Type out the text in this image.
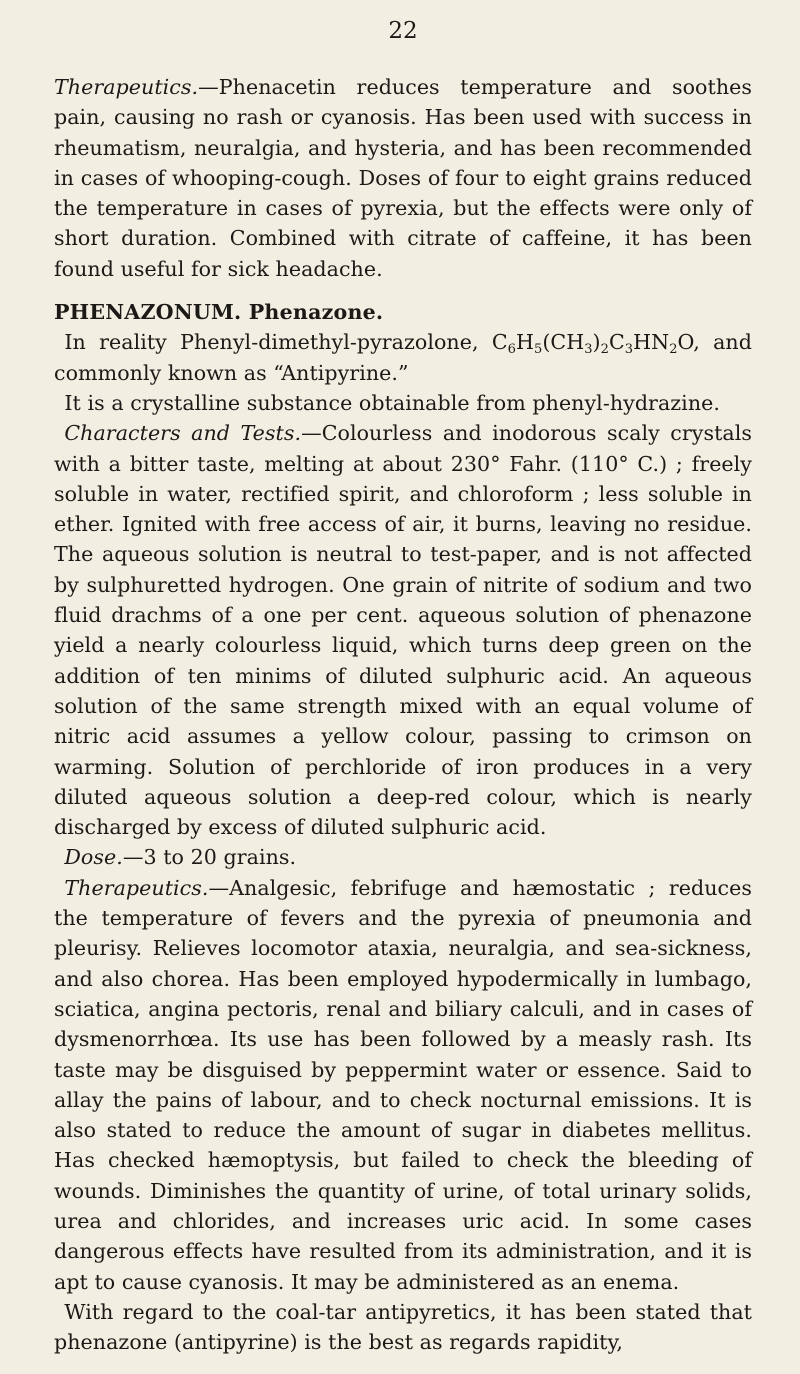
22

Therapeutics.—Phenacetin reduces temperature and soothes pain, causing no rash or cyanosis. Has been used with success in rheumatism, neuralgia, and hysteria, and has been recommended in cases of whooping-cough. Doses of four to eight grains reduced the temperature in cases of pyrexia, but the effects were only of short duration. Combined with citrate of caffeine, it has been found useful for sick headache.

PHENAZONUM. Phenazone.

 In reality Phenyl-dimethyl-pyrazolone, $C_6H_5(CH_3)_2C_3HN_2O$, and commonly known as “Antipyrine.”

 It is a crystalline substance obtainable from phenyl-hydrazine.

 Characters and Tests.—Colourless and inodorous scaly crystals with a bitter taste, melting at about 230° Fahr. (110° C.) ; freely soluble in water, rectified spirit, and chloroform ; less soluble in ether. Ignited with free access of air, it burns, leaving no residue. The aqueous solution is neutral to test-paper, and is not affected by sulphuretted hydrogen. One grain of nitrite of sodium and two fluid drachms of a one per cent. aqueous solution of phenazone yield a nearly colourless liquid, which turns deep green on the addition of ten minims of diluted sulphuric acid. An aqueous solution of the same strength mixed with an equal volume of nitric acid assumes a yellow colour, passing to crimson on warming. Solution of perchloride of iron produces in a very diluted aqueous solution a deep-red colour, which is nearly discharged by excess of diluted sulphuric acid.

 Dose.—3 to 20 grains.

 Therapeutics.—Analgesic, febrifuge and hæmostatic ; reduces the temperature of fevers and the pyrexia of pneumonia and pleurisy. Relieves locomotor ataxia, neuralgia, and sea-sickness, and also chorea. Has been employed hypodermically in lumbago, sciatica, angina pectoris, renal and biliary calculi, and in cases of dysmenorrhœa. Its use has been followed by a measly rash. Its taste may be disguised by peppermint water or essence. Said to allay the pains of labour, and to check nocturnal emissions. It is also stated to reduce the amount of sugar in diabetes mellitus. Has checked hæmoptysis, but failed to check the bleeding of wounds. Diminishes the quantity of urine, of total urinary solids, urea and chlorides, and increases uric acid. In some cases dangerous effects have resulted from its administration, and it is apt to cause cyanosis. It may be administered as an enema.

 With regard to the coal-tar antipyretics, it has been stated that phenazone (antipyrine) is the best as regards rapidity,
